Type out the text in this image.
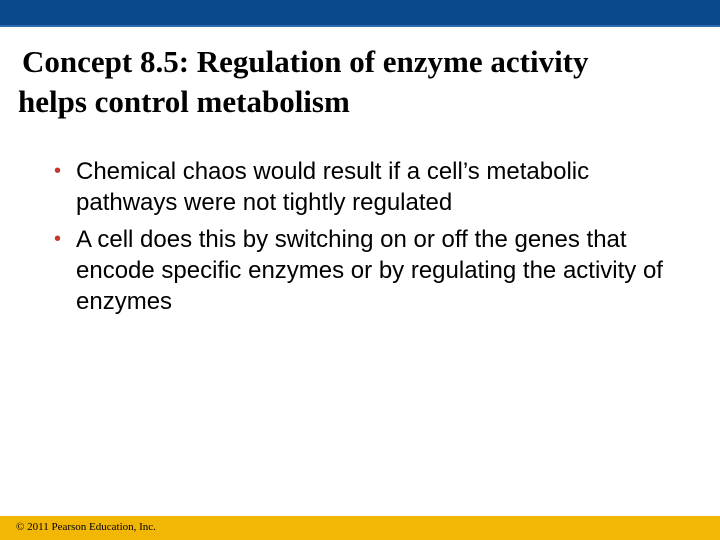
Concept 8.5: Regulation of enzyme activity
helps control metabolism
• Chemical chaos would result if a cell’s metabolic pathways were not tightly regulated
• A cell does this by switching on or off the genes that encode specific enzymes or by regulating the activity of enzymes
© 2011 Pearson Education, Inc.
